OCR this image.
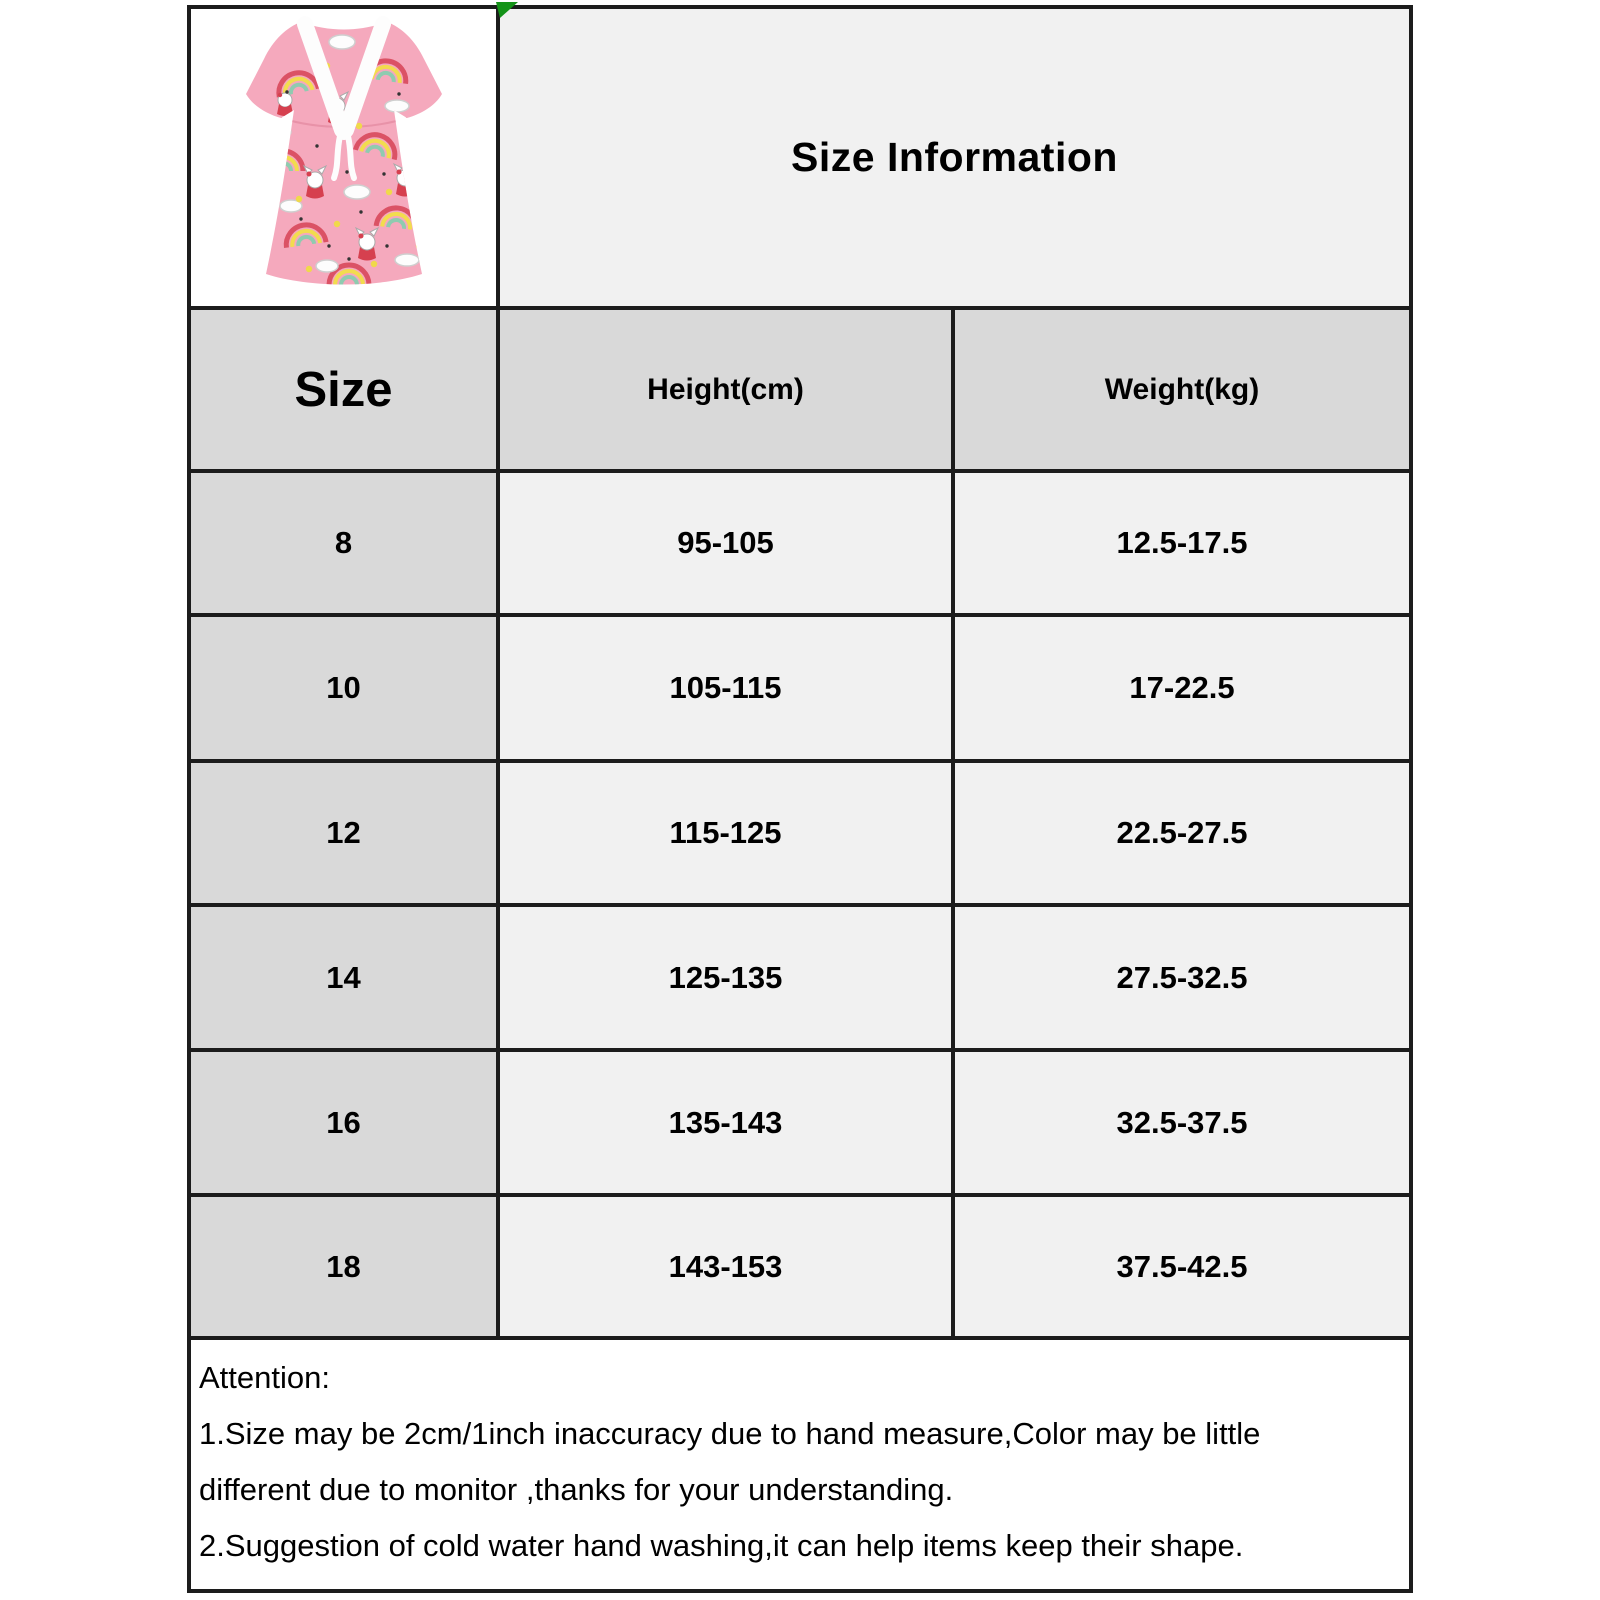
Size Information
Size	Height(cm)	Weight(kg)
8	95-105	12.5-17.5
10	105-115	17-22.5
12	115-125	22.5-27.5
14	125-135	27.5-32.5
16	135-143	32.5-37.5
18	143-153	37.5-42.5
Attention:
1.Size may be 2cm/1inch inaccuracy due to hand measure,Color may be little
different due to monitor ,thanks for your understanding.
2.Suggestion of cold water hand washing,it can help items keep their shape.
